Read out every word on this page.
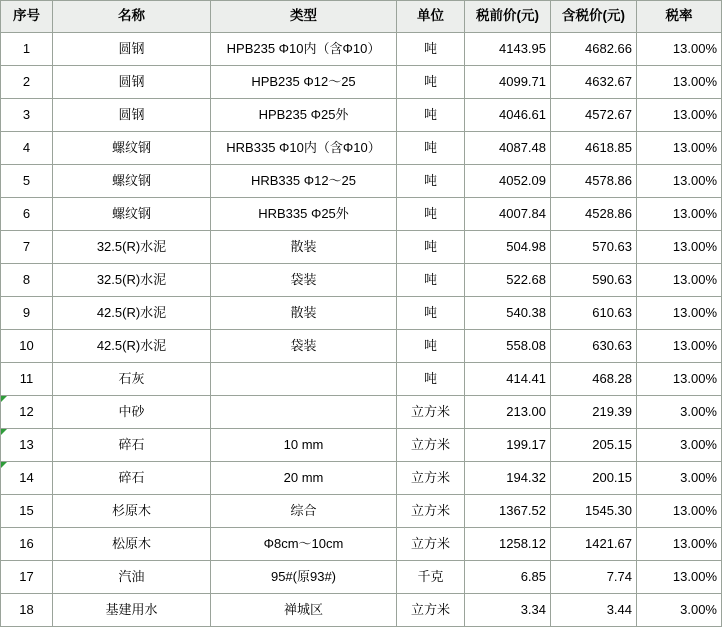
序号	名称	类型	单位	税前价(元)	含税价(元)	税率
1	圆钢	HPB235 Φ10内（含Φ10）	吨	4143.95	4682.66	13.00%
2	圆钢	HPB235 Φ12～25	吨	4099.71	4632.67	13.00%
3	圆钢	HPB235 Φ25外	吨	4046.61	4572.67	13.00%
4	螺纹钢	HRB335 Φ10内（含Φ10）	吨	4087.48	4618.85	13.00%
5	螺纹钢	HRB335 Φ12～25	吨	4052.09	4578.86	13.00%
6	螺纹钢	HRB335 Φ25外	吨	4007.84	4528.86	13.00%
7	32.5(R)水泥	散装	吨	504.98	570.63	13.00%
8	32.5(R)水泥	袋装	吨	522.68	590.63	13.00%
9	42.5(R)水泥	散装	吨	540.38	610.63	13.00%
10	42.5(R)水泥	袋装	吨	558.08	630.63	13.00%
11	石灰		吨	414.41	468.28	13.00%
12	中砂		立方米	213.00	219.39	3.00%
13	碎石	10 mm	立方米	199.17	205.15	3.00%
14	碎石	20 mm	立方米	194.32	200.15	3.00%
15	杉原木	综合	立方米	1367.52	1545.30	13.00%
16	松原木	Φ8cm～10cm	立方米	1258.12	1421.67	13.00%
17	汽油	95#(原93#)	千克	6.85	7.74	13.00%
18	基建用水	禅城区	立方米	3.34	3.44	3.00%
